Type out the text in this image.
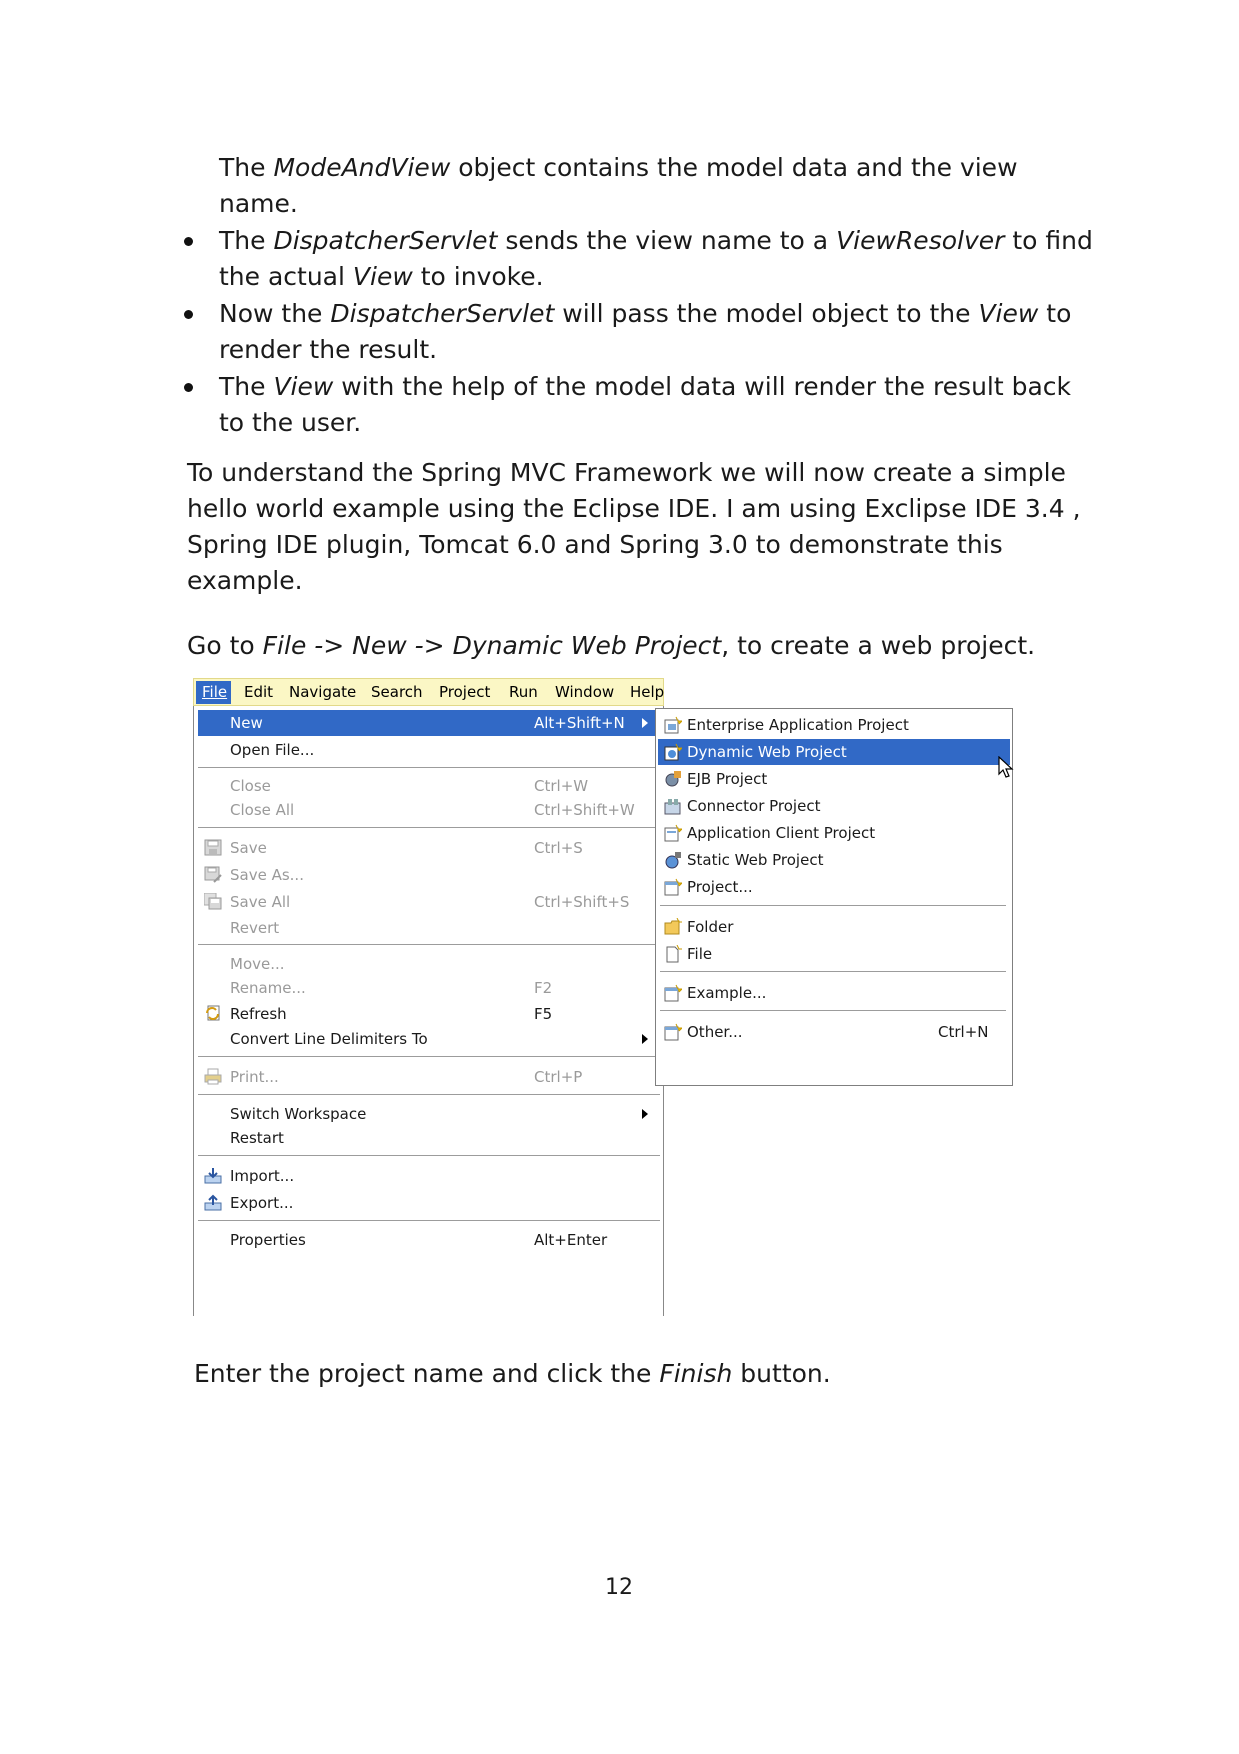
The ModeAndView object contains the model data and the view
name.
The DispatcherServlet sends the view name to a ViewResolver to find
the actual View to invoke.
Now the DispatcherServlet will pass the model object to the View to
render the result.
The View with the help of the model data will render the result back
to the user.
To understand the Spring MVC Framework we will now create a simple
hello world example using the Eclipse IDE. I am using Exclipse IDE 3.4 ,
Spring IDE plugin, Tomcat 6.0 and Spring 3.0 to demonstrate this
example.
Go to File -> New -> Dynamic Web Project, to create a web project.
File Edit Navigate Search Project Run Window Help
New	Alt+Shift+N
Open File...
Close	Ctrl+W
Close All	Ctrl+Shift+W
Save	Ctrl+S
Save As...
Save All	Ctrl+Shift+S
Revert
Move...
Rename...	F2
Refresh	F5
Convert Line Delimiters To
Print...	Ctrl+P
Switch Workspace
Restart
Import...
Export...
Properties	Alt+Enter
Enterprise Application Project
Dynamic Web Project
EJB Project
Connector Project
Application Client Project
Static Web Project
Project...
Folder
File
Example...
Other...	Ctrl+N
Enter the project name and click the Finish button.
12
